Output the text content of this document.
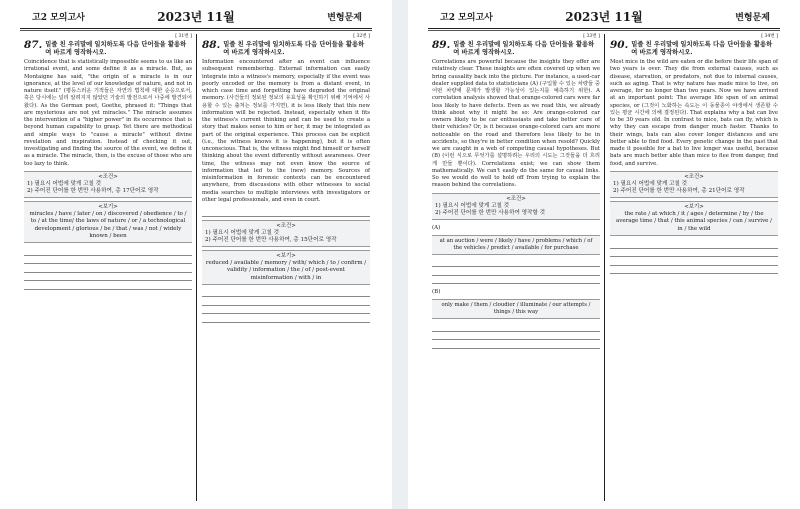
고2 모의고사	2023년 11월	변형문제
[ 31번 ]
87. 밑줄 친 우리말에 일치하도록 다음 단어들을 활용하여 바르게 영작하시오.
Coincidence that is statistically impossible seems to us like an irrational event, and some define it as a miracle. But, as Montaigne has said, "the origin of a miracle is in our ignorance, at the level of our knowledge of nature, and not in nature itself." (평등스러운 기적들은 자연의 법칙에 대한 순응으로서, 혹은 당시에는 널리 알려지지 않았던 기술의 발전으로서 나중에 발견되어 왔다). As the German poet, Goethe, phrased it: "Things that are mysterious are not yet miracles." The miracle assumes the intervention of a "higher power" in its occurrence that is beyond human capability to grasp. Yet there are methodical and simple ways to "cause a miracle" without divine revelation and inspiration. Instead of checking it out, investigating and finding the source of the event, we define it as a miracle. The miracle, then, is the excuse of those who are too lazy to think.
<조건>
1) 필요시 어법에 맞게 고칠 것
2) 주어진 단어를 한 번만 사용하여, 총 17단어로 영작
<보기>
miracles / have / later / on / discovered / obedience / to / to / at the time/ the laws of nature / or / a technological development / glorious / be / that / was / not / widely known / been
[ 32번 ]
88. 밑줄 친 우리말에 일치하도록 다음 단어들을 활용하여 바르게 영작하시오.
Information encountered after an event can influence subsequent remembering. External information can easily integrate into a witness's memory, especially if the event was poorly encoded or the memory is from a distant event, in which case time and forgetting have degraded the original memory. (사건들의 정보된 정보의 유효성을 확인하기 위해 기억에서 사용할 수 있는 출처는 정보를 가지면), it is less likely that this new information will be rejected. Instead, especially when it fits the witness's current thinking and can be used to create a story that makes sense to him or her, it may be integrated as part of the original experience. This process can be explicit (i.e., the witness knows it is happening), but it is often unconscious. That is, the witness might find himself or herself thinking about the event differently without awareness. Over time, the witness may not even know the source of information that led to the (new) memory. Sources of misinformation in forensic contexts can be encountered anywhere, from discussions with other witnesses to social media searches to multiple interviews with investigators or other legal professionals, and even in court.
<조건>
1) 필요시 어법에 맞게 고칠 것
2) 주어진 단어를 한 번만 사용하여, 총 15단어로 영작
<보기>
reduced / available / memory / with/ which / to / confirm / validity / information / the / of / post-event misinformation / with / in
고2 모의고사	2023년 11월	변형문제
[ 33번 ]
89. 밑줄 친 우리말에 일치하도록 다음 단어들을 활용하여 바르게 영작하시오.
Correlations are powerful because the insights they offer are relatively clear. These insights are often covered up when we bring causality back into the picture. For instance, a used-car dealer supplied data to statisticians (A) (구입할 수 있는 차량들 중 어떤 차량에 문제가 발생할 가능성이 있는지를 예측하기 위한). A correlation analysis showed that orange-colored cars were far less likely to have defects. Even as we read this, we already think about why it might be so: Are orange-colored car owners likely to be car enthusiasts and take better care of their vehicles? Or, is it because orange-colored cars are more noticeable on the road and therefore less likely to be in accidents, so they're in better condition when resold? Quickly we are caught in a web of competing causal hypotheses. But (B) (이런 식으로 무엇가를 설명하려는 우리의 시도는 그것들을 더 흐리게 만들 뿐이다). Correlations exist; we can show them mathematically. We can't easily do the same for causal links. So we would do well to hold off from trying to explain the reason behind the correlations.
<조건>
1) 필요시 어법에 맞게 고칠 것
2) 주어진 단어를 한 번만 사용하여 영작할 것
(A)
at an auction / were / likely / have / problems / which / of the vehicles / predict / available / for purchase
(B)
only make / them / cloudier / illuminate / our attempts / things / this way
[ 34번 ]
90. 밑줄 친 우리말에 일치하도록 다음 단어들을 활용하여 바르게 영작하시오.
Most mice in the wild are eaten or die before their life span of two years is over. They die from external causes, such as disease, starvation, or predators, not due to internal causes, such as aging. That is why nature has made mice to live, on average, for no longer than two years. Now we have arrived at an important point: The average life span of an animal species, or (그것이 노화하는 속도는 이 동물종이 야생에서 생존할 수 있는 평균 시간에 의해 결정된다). That explains why a bat can live to be 30 years old. In contrast to mice, bats can fly, which is why they can escape from danger much faster. Thanks to their wings, bats can also cover longer distances and are better able to find food. Every genetic change in the past that made it possible for a bat to live longer was useful, because bats are much better able than mice to flee from danger, find food, and survive.
<조건>
1) 필요시 어법에 맞게 고칠 것
2) 주어진 단어를 한 번만 사용하여, 총 21단어로 영작
<보기>
the rate / at which / it / ages / determine / by / the average time / that / this animal species / can / survive / in / the wild
